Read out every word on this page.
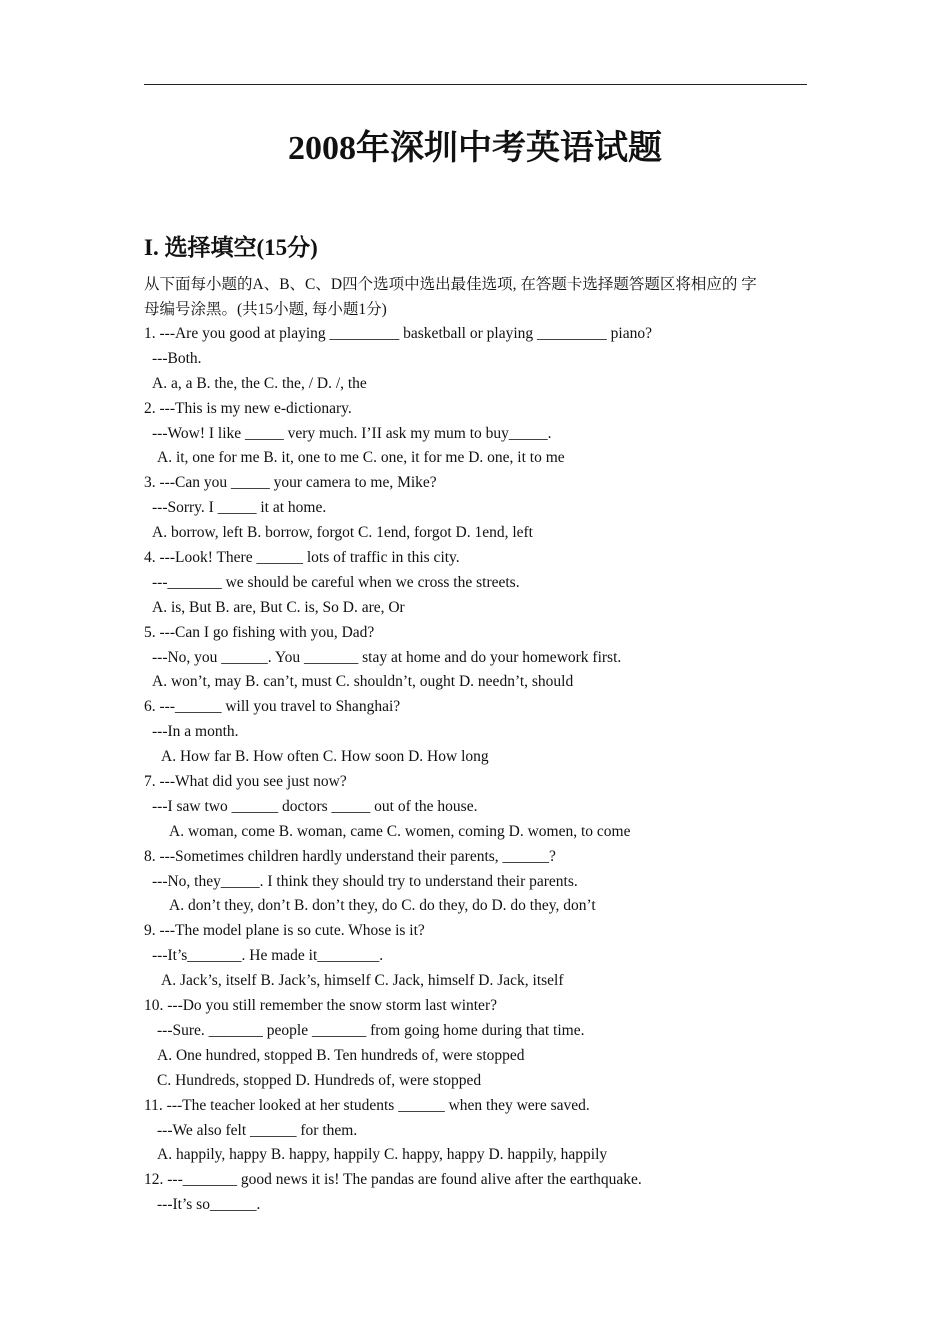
2008年深圳中考英语试题
I. 选择填空(15分)
从下面每小题的A、B、C、D四个选项中选出最佳选项, 在答题卡选择题答题区将相应的 字
母编号涂黑。(共15小题, 每小题1分)
1. ---Are you good at playing _________ basketball or playing _________ piano?
---Both.
A. a, a B. the, the C. the, / D. /, the
2. ---This is my new e-dictionary.
---Wow! I like _____ very much. I’II ask my mum to buy_____.
A. it, one for me B. it, one to me C. one, it for me D. one, it to me
3. ---Can you _____ your camera to me, Mike?
---Sorry. I _____ it at home.
A. borrow, left B. borrow, forgot C. 1end, forgot D. 1end, left
4. ---Look! There ______ lots of traffic in this city.
---_______ we should be careful when we cross the streets.
A. is, But B. are, But C. is, So D. are, Or
5. ---Can I go fishing with you, Dad?
---No, you ______. You _______ stay at home and do your homework first.
A. won’t, may B. can’t, must C. shouldn’t, ought D. needn’t, should
6. ---______ will you travel to Shanghai?
---In a month.
A. How far B. How often C. How soon D. How long
7. ---What did you see just now?
---I saw two ______ doctors _____ out of the house.
A. woman, come B. woman, came C. women, coming D. women, to come
8. ---Sometimes children hardly understand their parents, ______?
---No, they_____. I think they should try to understand their parents.
A. don’t they, don’t B. don’t they, do C. do they, do D. do they, don’t
9. ---The model plane is so cute. Whose is it?
---It’s_______. He made it________.
A. Jack’s, itself B. Jack’s, himself C. Jack, himself D. Jack, itself
10. ---Do you still remember the snow storm last winter?
---Sure. _______ people _______ from going home during that time.
A. One hundred, stopped B. Ten hundreds of, were stopped
C. Hundreds, stopped D. Hundreds of, were stopped
11. ---The teacher looked at her students ______ when they were saved.
---We also felt ______ for them.
A. happily, happy B. happy, happily C. happy, happy D. happily, happily
12. ---_______ good news it is! The pandas are found alive after the earthquake.
---It’s so______.
